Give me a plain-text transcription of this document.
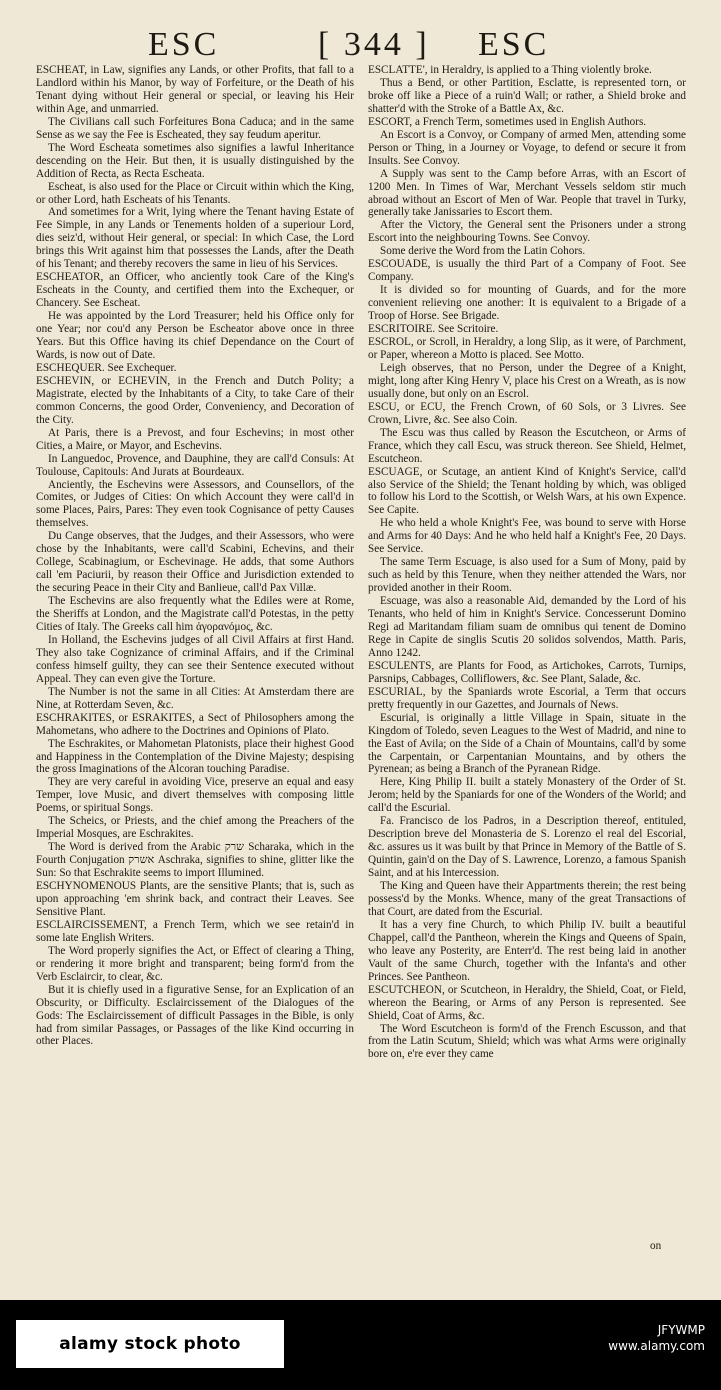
ESC	[ 344 ] ESC

ESCHEAT, in Law, signifies any Lands, or other Profits, that fall to a Landlord within his Manor, by way of Forfeiture, or the Death of his Tenant dying without Heir general or special, or leaving his Heir within Age, and unmarried.

The Civilians call such Forfeitures Bona Caduca; and in the same Sense as we say the Fee is Escheated, they say feudum aperitur.

The Word Escheata sometimes also signifies a lawful Inheritance descending on the Heir. But then, it is usually distinguished by the Addition of Recta, as Recta Escheata.

Escheat, is also used for the Place or Circuit within which the King, or other Lord, hath Escheats of his Tenants.

And sometimes for a Writ, lying where the Tenant having Estate of Fee Simple, in any Lands or Tenements holden of a superiour Lord, dies seiz'd, without Heir general, or special: In which Case, the Lord brings this Writ against him that possesses the Lands, after the Death of his Tenant; and thereby recovers the same in lieu of his Services.

ESCHEATOR, an Officer, who anciently took Care of the King's Escheats in the County, and certified them into the Exchequer, or Chancery. See Escheat.

He was appointed by the Lord Treasurer; held his Office only for one Year; nor cou'd any Person be Escheator above once in three Years. But this Office having its chief Dependance on the Court of Wards, is now out of Date.

ESCHEQUER. See Exchequer.

ESCHEVIN, or ECHEVIN, in the French and Dutch Polity; a Magistrate, elected by the Inhabitants of a City, to take Care of their common Concerns, the good Order, Conveniency, and Decoration of the City.

At Paris, there is a Prevost, and four Eschevins; in most other Cities, a Maire, or Mayor, and Eschevins.

In Languedoc, Provence, and Dauphine, they are call'd Consuls: At Toulouse, Capitouls: And Jurats at Bourdeaux.

Anciently, the Eschevins were Assessors, and Counsellors, of the Comites, or Judges of Cities: On which Account they were call'd in some Places, Pairs, Pares: They even took Cognisance of petty Causes themselves.

Du Cange observes, that the Judges, and their Assessors, who were chose by the Inhabitants, were call'd Scabini, Echevins, and their College, Scabinagium, or Eschevinage. He adds, that some Authors call 'em Paciurii, by reason their Office and Jurisdiction extended to the securing Peace in their City and Banlieue, call'd Pax Villæ.

The Eschevins are also frequently what the Ediles were at Rome, the Sheriffs at London, and the Magistrate call'd Potestas, in the petty Cities of Italy. The Greeks call him ἀγορανόμος, &c.

In Holland, the Eschevins judges of all Civil Affairs at first Hand. They also take Cognizance of criminal Affairs, and if the Criminal confess himself guilty, they can see their Sentence executed without Appeal. They can even give the Torture.

The Number is not the same in all Cities: At Amsterdam there are Nine, at Rotterdam Seven, &c.

ESCHRAKITES, or ESRAKITES, a Sect of Philosophers among the Mahometans, who adhere to the Doctrines and Opinions of Plato.

The Eschrakites, or Mahometan Platonists, place their highest Good and Happiness in the Contemplation of the Divine Majesty; despising the gross Imaginations of the Alcoran touching Paradise.

They are very careful in avoiding Vice, preserve an equal and easy Temper, love Music, and divert themselves with composing little Poems, or spiritual Songs.

The Scheics, or Priests, and the chief among the Preachers of the Imperial Mosques, are Eschrakites.

The Word is derived from the Arabic שרק Scharaka, which in the Fourth Conjugation אשרק Aschraka, signifies to shine, glitter like the Sun: So that Eschrakite seems to import Illumined.

ESCHYNOMENOUS Plants, are the sensitive Plants; that is, such as upon approaching 'em shrink back, and contract their Leaves. See Sensitive Plant.

ESCLAIRCISSEMENT, a French Term, which we see retain'd in some late English Writers.

The Word properly signifies the Act, or Effect of clearing a Thing, or rendering it more bright and transparent; being form'd from the Verb Esclaircir, to clear, &c.

But it is chiefly used in a figurative Sense, for an Explication of an Obscurity, or Difficulty. Esclaircissement of the Dialogues of the Gods: The Esclaircissement of difficult Passages in the Bible, is only had from similar Passages, or Passages of the like Kind occurring in other Places.

ESCLATTE', in Heraldry, is applied to a Thing violently broke.

Thus a Bend, or other Partition, Esclatte, is represented torn, or broke off like a Piece of a ruin'd Wall; or rather, a Shield broke and shatter'd with the Stroke of a Battle Ax, &c.

ESCORT, a French Term, sometimes used in English Authors.

An Escort is a Convoy, or Company of armed Men, attending some Person or Thing, in a Journey or Voyage, to defend or secure it from Insults. See Convoy.

A Supply was sent to the Camp before Arras, with an Escort of 1200 Men. In Times of War, Merchant Vessels seldom stir much abroad without an Escort of Men of War. People that travel in Turky, generally take Janissaries to Escort them.

After the Victory, the General sent the Prisoners under a strong Escort into the neighbouring Towns. See Convoy.

Some derive the Word from the Latin Cohors.

ESCOUADE, is usually the third Part of a Company of Foot. See Company.

It is divided so for mounting of Guards, and for the more convenient relieving one another: It is equivalent to a Brigade of a Troop of Horse. See Brigade.

ESCRITOIRE. See Scritoire.

ESCROL, or Scroll, in Heraldry, a long Slip, as it were, of Parchment, or Paper, whereon a Motto is placed. See Motto.

Leigh observes, that no Person, under the Degree of a Knight, might, long after King Henry V, place his Crest on a Wreath, as is now usually done, but only on an Escrol.

ESCU, or ECU, the French Crown, of 60 Sols, or 3 Livres. See Crown, Livre, &c. See also Coin.

The Escu was thus called by Reason the Escutcheon, or Arms of France, which they call Escu, was struck thereon. See Shield, Helmet, Escutcheon.

ESCUAGE, or Scutage, an antient Kind of Knight's Service, call'd also Service of the Shield; the Tenant holding by which, was obliged to follow his Lord to the Scottish, or Welsh Wars, at his own Expence. See Capite.

He who held a whole Knight's Fee, was bound to serve with Horse and Arms for 40 Days: And he who held half a Knight's Fee, 20 Days. See Service.

The same Term Escuage, is also used for a Sum of Mony, paid by such as held by this Tenure, when they neither attended the Wars, nor provided another in their Room.

Escuage, was also a reasonable Aid, demanded by the Lord of his Tenants, who held of him in Knight's Service. Concesserunt Domino Regi ad Maritandam filiam suam de omnibus qui tenent de Domino Rege in Capite de singlis Scutis 20 solidos solvendos, Matth. Paris, Anno 1242.

ESCULENTS, are Plants for Food, as Artichokes, Carrots, Turnips, Parsnips, Cabbages, Colliflowers, &c. See Plant, Salade, &c.

ESCURIAL, by the Spaniards wrote Escorial, a Term that occurs pretty frequently in our Gazettes, and Journals of News.

Escurial, is originally a little Village in Spain, situate in the Kingdom of Toledo, seven Leagues to the West of Madrid, and nine to the East of Avila; on the Side of a Chain of Mountains, call'd by some the Carpentain, or Carpentanian Mountains, and by others the Pyrenean; as being a Branch of the Pyranean Ridge.

Here, King Philip II. built a stately Monastery of the Order of St. Jerom; held by the Spaniards for one of the Wonders of the World; and call'd the Escurial.

Fa. Francisco de los Padros, in a Description thereof, entituled, Description breve del Monasteria de S. Lorenzo el real del Escorial, &c. assures us it was built by that Prince in Memory of the Battle of S. Quintin, gain'd on the Day of S. Lawrence, Lorenzo, a famous Spanish Saint, and at his Intercession.

The King and Queen have their Appartments therein; the rest being possess'd by the Monks. Whence, many of the great Transactions of that Court, are dated from the Escurial.

It has a very fine Church, to which Philip IV. built a beautiful Chappel, call'd the Pantheon, wherein the Kings and Queens of Spain, who leave any Posterity, are Enterr'd. The rest being laid in another Vault of the same Church, together with the Infanta's and other Princes. See Pantheon.

ESCUTCHEON, or Scutcheon, in Heraldry, the Shield, Coat, or Field, whereon the Bearing, or Arms of any Person is represented. See Shield, Coat of Arms, &c.

The Word Escutcheon is form'd of the French Escusson, and that from the Latin Scutum, Shield; which was what Arms were originally bore on, e're ever they came

on
alamy stock photo
JFYWMP
www.alamy.com
